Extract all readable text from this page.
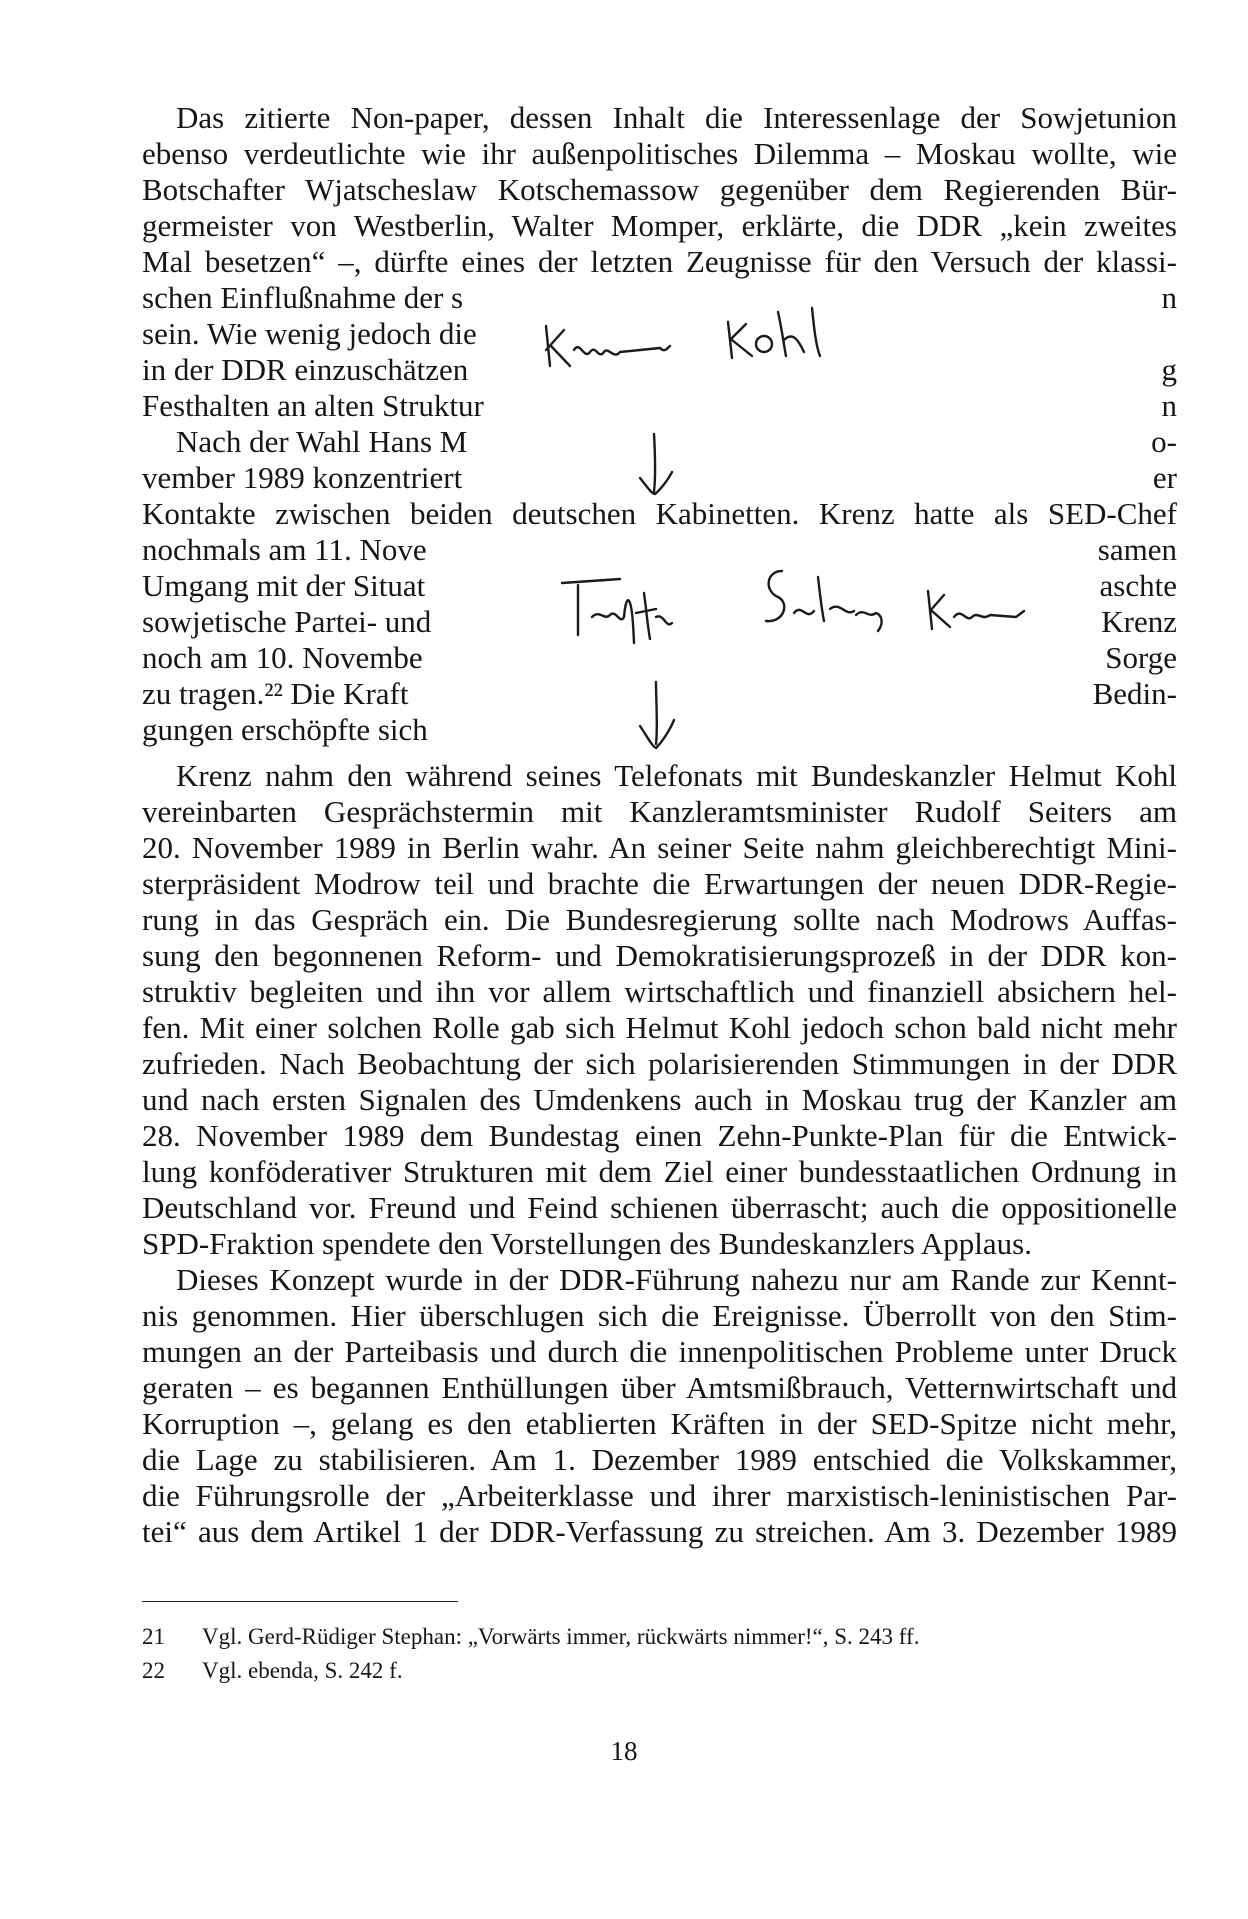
Das zitierte Non-paper, dessen Inhalt die Interessenlage der Sowjetunion
ebenso verdeutlichte wie ihr außenpolitisches Dilemma – Moskau wollte, wie
Botschafter Wjatscheslaw Kotschemassow gegenüber dem Regierenden Bür-
germeister von Westberlin, Walter Momper, erklärte, die DDR „kein zweites
Mal besetzen“ –, dürfte eines der letzten Zeugnisse für den Versuch der klassi-
schen Einflußnahme der s
sein. Wie wenig jedoch die
in der DDR einzuschätzen
Festhalten an alten Struktur
Nach der Wahl Hans M
vember 1989 konzentriert
Kontakte zwischen beiden deutschen Kabinetten. Krenz hatte als SED-Chef
nochmals am 11. Nove
Umgang mit der Situat
sowjetische Partei- und
noch am 10. Novembe
zu tragen.²² Die Kraft
gungen erschöpfte sich
n
g
n
o-
er
samen
aschte
Krenz
Sorge
Bedin-
Krenz nahm den während seines Telefonats mit Bundeskanzler Helmut Kohl
vereinbarten Gesprächstermin mit Kanzleramtsminister Rudolf Seiters am
20. November 1989 in Berlin wahr. An seiner Seite nahm gleichberechtigt Mini-
sterpräsident Modrow teil und brachte die Erwartungen der neuen DDR-Regie-
rung in das Gespräch ein. Die Bundesregierung sollte nach Modrows Auffas-
sung den begonnenen Reform- und Demokratisierungsprozeß in der DDR kon-
struktiv begleiten und ihn vor allem wirtschaftlich und finanziell absichern hel-
fen. Mit einer solchen Rolle gab sich Helmut Kohl jedoch schon bald nicht mehr
zufrieden. Nach Beobachtung der sich polarisierenden Stimmungen in der DDR
und nach ersten Signalen des Umdenkens auch in Moskau trug der Kanzler am
28. November 1989 dem Bundestag einen Zehn-Punkte-Plan für die Entwick-
lung konföderativer Strukturen mit dem Ziel einer bundesstaatlichen Ordnung in
Deutschland vor. Freund und Feind schienen überrascht; auch die oppositionelle
SPD-Fraktion spendete den Vorstellungen des Bundeskanzlers Applaus.
Dieses Konzept wurde in der DDR-Führung nahezu nur am Rande zur Kennt-
nis genommen. Hier überschlugen sich die Ereignisse. Überrollt von den Stim-
mungen an der Parteibasis und durch die innenpolitischen Probleme unter Druck
geraten – es begannen Enthüllungen über Amtsmißbrauch, Vetternwirtschaft und
Korruption –, gelang es den etablierten Kräften in der SED-Spitze nicht mehr,
die Lage zu stabilisieren. Am 1. Dezember 1989 entschied die Volkskammer,
die Führungsrolle der „Arbeiterklasse und ihrer marxistisch-leninistischen Par-
tei“ aus dem Artikel 1 der DDR-Verfassung zu streichen. Am 3. Dezember 1989
21 Vgl. Gerd-Rüdiger Stephan: „Vorwärts immer, rückwärts nimmer!“, S. 243 ff.
22 Vgl. ebenda, S. 242 f.
18
